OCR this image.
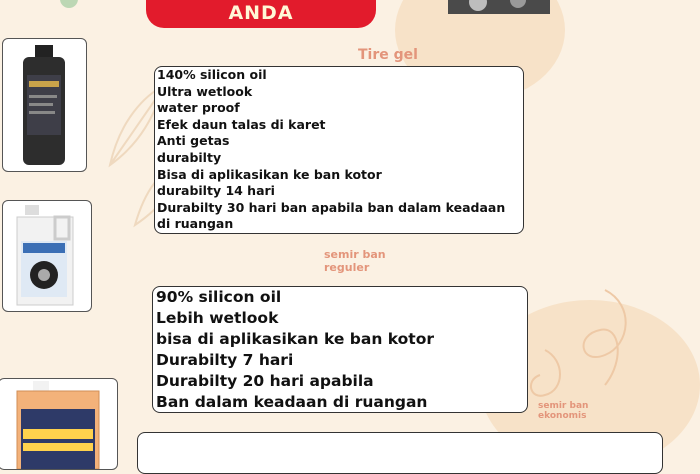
ANDA
Tire gel
semir ban
reguler
semir ban
ekonomis
140% silicon oil
Ultra wetlook
water proof
Efek daun talas di karet
Anti getas
durabilty
Bisa di aplikasikan ke ban kotor
durabilty 14 hari
Durabilty 30 hari ban apabila ban dalam keadaan
di ruangan
90% silicon oil
Lebih wetlook
bisa di aplikasikan ke ban kotor
Durabilty 7 hari
Durabilty 20 hari apabila
Ban dalam keadaan di ruangan
